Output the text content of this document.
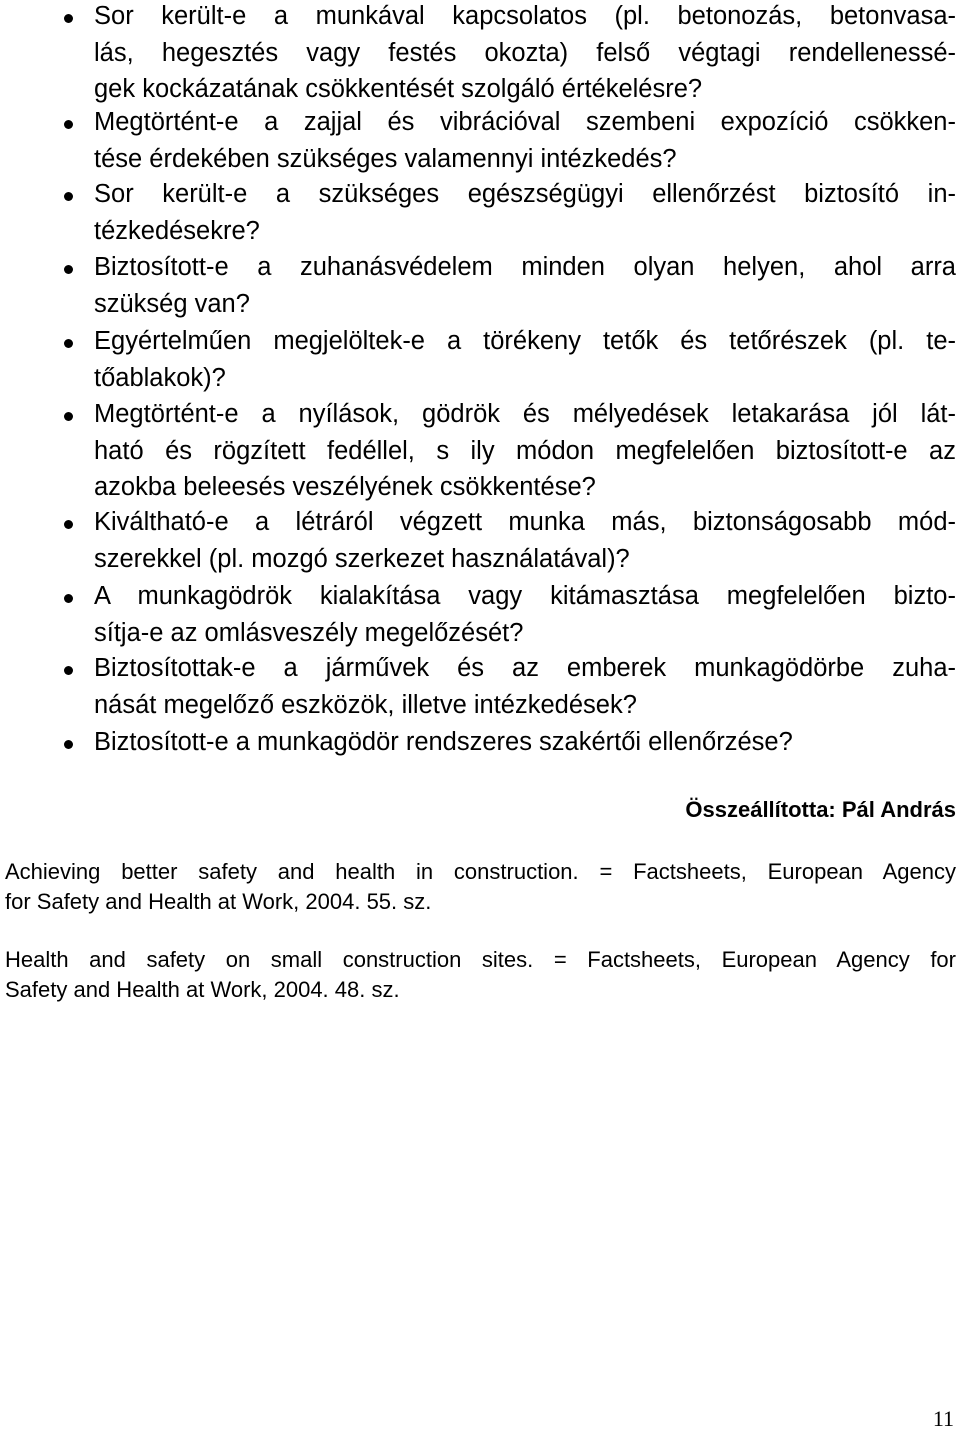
Sor került-e a munkával kapcsolatos (pl. betonozás, betonvasa-
lás, hegesztés vagy festés okozta) felső végtagi rendellenessé-
gek kockázatának csökkentését szolgáló értékelésre?
Megtörtént-e a zajjal és vibrációval szembeni expozíció csökken-
tése érdekében szükséges valamennyi intézkedés?
Sor került-e a szükséges egészségügyi ellenőrzést biztosító in-
tézkedésekre?
Biztosított-e a zuhanásvédelem minden olyan helyen, ahol arra
szükség van?
Egyértelműen megjelöltek-e a törékeny tetők és tetőrészek (pl. te-
tőablakok)?
Megtörtént-e a nyílások, gödrök és mélyedések letakarása jól lát-
ható és rögzített fedéllel, s ily módon megfelelően biztosított-e az
azokba beleesés veszélyének csökkentése?
Kiváltható-e a létráról végzett munka más, biztonságosabb mód-
szerekkel (pl. mozgó szerkezet használatával)?
A munkagödrök kialakítása vagy kitámasztása megfelelően bizto-
sítja-e az omlásveszély megelőzését?
Biztosítottak-e a járművek és az emberek munkagödörbe zuha-
nását megelőző eszközök, illetve intézkedések?
Biztosított-e a munkagödör rendszeres szakértői ellenőrzése?
Összeállította: Pál András
Achieving better safety and health in construction. = Factsheets, European Agency
for Safety and Health at Work, 2004. 55. sz.
Health and safety on small construction sites. = Factsheets, European Agency for
Safety and Health at Work, 2004. 48. sz.
11
